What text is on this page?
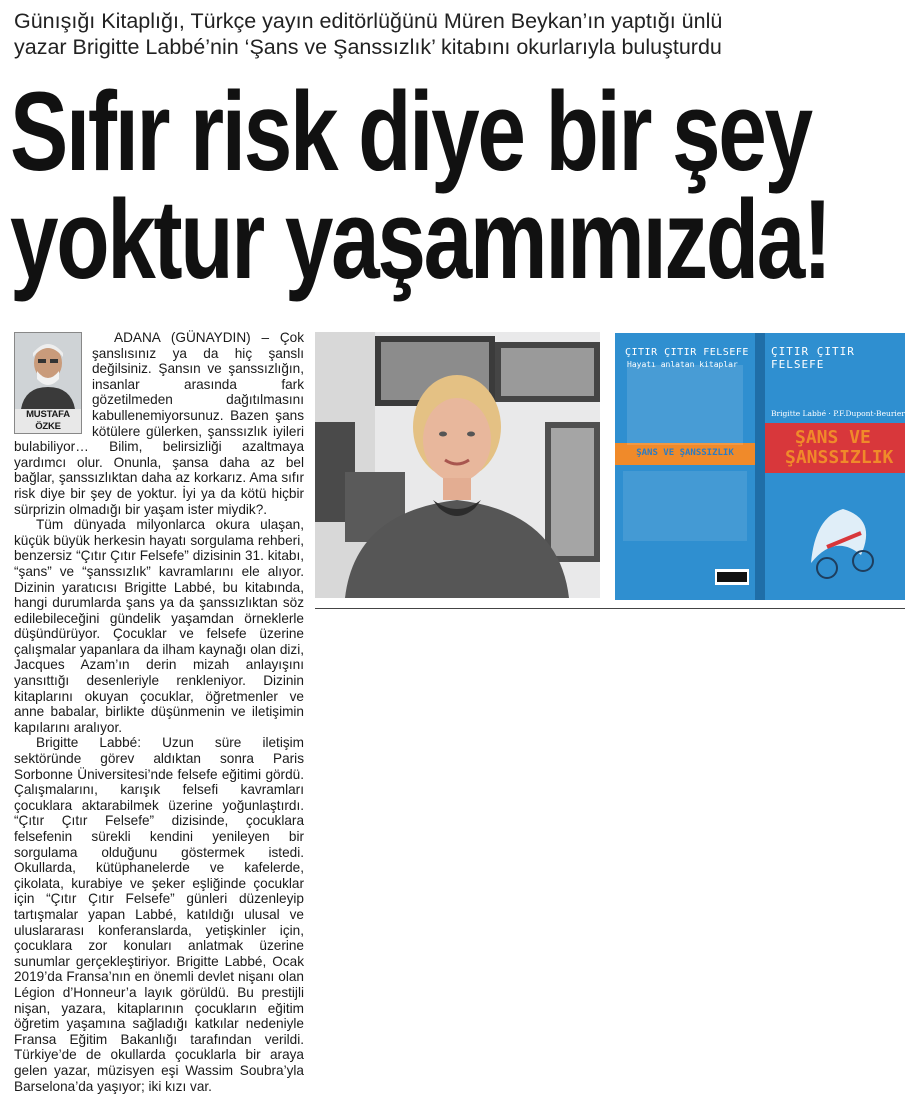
Günışığı Kitaplığı, Türkçe yayın editörlüğünü Müren Beykan’ın yaptığı ünlü
yazar Brigitte Labbé’nin ‘Şans ve Şanssızlık’ kitabını okurlarıyla buluşturdu
Sıfır risk diye bir şey
yoktur yaşamımızda!
MUSTAFA ÖZKE

ADANA (GÜNAYDIN) – Çok şanslısınız ya da hiç şanslı değilsiniz. Şansın ve şanssızlığın, insanlar arasında fark gözetilmeden dağıtılmasını kabullenemiyorsunuz. Bazen şans kötülere gülerken, şanssızlık iyileri bulabiliyor… Bilim, belirsizliği azaltmaya yardımcı olur. Onunla, şansa daha az bel bağlar, şanssızlıktan daha az korkarız. Ama sıfır risk diye bir şey de yoktur. İyi ya da kötü hiçbir sürprizin olmadığı bir yaşam ister miydik?.

Tüm dünyada milyonlarca okura ulaşan, küçük büyük herkesin hayatı sorgulama rehberi, benzersiz “Çıtır Çıtır Felsefe” dizisinin 31. kitabı, “şans” ve “şanssızlık” kavramlarını ele alıyor. Dizinin yaratıcısı Brigitte Labbé, bu kitabında, hangi durumlarda şans ya da şanssızlıktan söz edilebileceğini gündelik yaşamdan örneklerle düşündürüyor. Çocuklar ve felsefe üzerine çalışmalar yapanlara da ilham kaynağı olan dizi, Jacques Azam’ın derin mizah anlayışını yansıttığı desenleriyle renkleniyor. Dizinin kitaplarını okuyan çocuklar, öğretmenler ve anne babalar, birlikte düşünmenin ve iletişimin kapılarını aralıyor.

Brigitte Labbé: Uzun süre iletişim sektöründe görev aldıktan sonra Paris Sorbonne Üniversitesi’nde felsefe eğitimi gördü. Çalışmalarını, karışık felsefi kavramları çocuklara aktarabilmek üzerine yoğunlaştırdı. “Çıtır Çıtır Felsefe” dizisinde, çocuklara felsefenin sürekli kendini yenileyen bir sorgulama olduğunu göstermek istedi. Okullarda, kütüphanelerde ve kafelerde, çikolata, kurabiye ve şeker eşliğinde çocuklar için “Çıtır Çıtır Felsefe” günleri düzenleyip tartışmalar yapan Labbé, katıldığı ulusal ve uluslararası konferanslarda, yetişkinler için, çocuklara zor konuları anlatmak üzerine sunumlar gerçekleştiriyor. Brigitte Labbé, Ocak 2019’da Fransa’nın en önemli devlet nişanı olan Légion d’Honneur’a layık görüldü. Bu prestijli nişan, yazara, kitaplarının çocukların eğitim öğretim yaşamına sağladığı katkılar nedeniyle Fransa Eğitim Bakanlığı tarafından verildi. Türkiye’de de okullarda çocuklarla bir araya gelen yazar, müzisyen eşi Wassim Soubra’yla Barselona’da yaşıyor; iki kızı var.

ÇITIR ÇITIR FELSEFE
Hayatı anlatan kitaplar
ŞANS VE ŞANSSIZLIK
ÇITIR ÇITIR FELSEFE
Brigitte Labbé · P.F.Dupont-Beurier
ŞANS VE
ŞANSSIZLIK
